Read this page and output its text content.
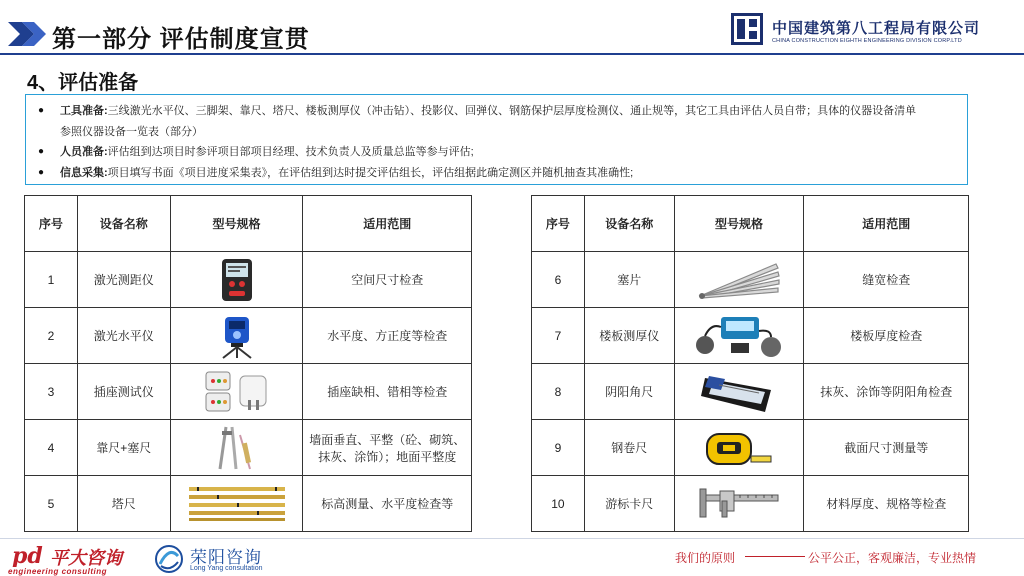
第一部分 评估制度宣贯	中国建筑第八工程局有限公司
CHINA CONSTRUCTION EIGHTH ENGINEERING DIVISION CORP.LTD
4、评估准备
● 工具准备:三线激光水平仪、三脚架、靠尺、塔尺、楼板测厚仪（冲击钻）、投影仪、回弹仪、钢筋保护层厚度检测仪、通止规等，其它工具由评估人员自带；具体的仪器设备清单
参照仪器设备一览表（部分）
● 人员准备:评估组到达项目时参评项目部项目经理、技术负责人及质量总监等参与评估;
● 信息采集:项目填写书面《项目进度采集表》，在评估组到达时提交评估组长，评估组据此确定测区并随机抽查其准确性;
序号	设备名称	型号规格	适用范围
1	激光测距仪		空间尺寸检查
2	激光水平仪		水平度、方正度等检查
3	插座测试仪		插座缺相、错相等检查
4	靠尺+塞尺		墙面垂直、平整（砼、砌筑、抹灰、涂饰）；地面平整度
5	塔尺		标高测量、水平度检查等
序号	设备名称	型号规格	适用范围
6	塞片		缝宽检查
7	楼板测厚仪		楼板厚度检查
8	阴阳角尺		抹灰、涂饰等阴阳角检查
9	钢卷尺		截面尺寸测量等
10	游标卡尺		材料厚度、规格等检查
pd 平大咨询
engineering consulting
荣阳咨询
Long Yang consultation
我们的原则	公平公正，客观廉洁，专业热情
